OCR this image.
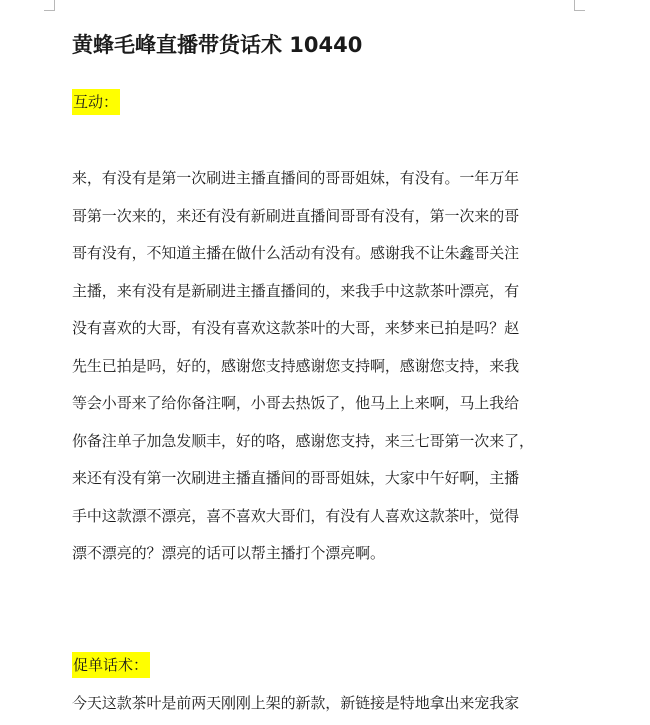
黄蜂毛峰直播带货话术 10440
互动：
来，有没有是第一次刷进主播直播间的哥哥姐妹，有没有。一年万年
哥第一次来的，来还有没有新刷进直播间哥哥有没有，第一次来的哥
哥有没有，不知道主播在做什么活动有没有。感谢我不让朱鑫哥关注
主播，来有没有是新刷进主播直播间的，来我手中这款茶叶漂亮，有
没有喜欢的大哥，有没有喜欢这款茶叶的大哥，来梦来已拍是吗？赵
先生已拍是吗，好的，感谢您支持感谢您支持啊，感谢您支持，来我
等会小哥来了给你备注啊，小哥去热饭了，他马上上来啊，马上我给
你备注单子加急发顺丰，好的咯，感谢您支持，来三七哥第一次来了，
来还有没有第一次刷进主播直播间的哥哥姐妹，大家中午好啊，主播
手中这款漂不漂亮，喜不喜欢大哥们，有没有人喜欢这款茶叶，觉得
漂不漂亮的？漂亮的话可以帮主播打个漂亮啊。
促单话术：
今天这款茶叶是前两天刚刚上架的新款，新链接是特地拿出来宠我家
